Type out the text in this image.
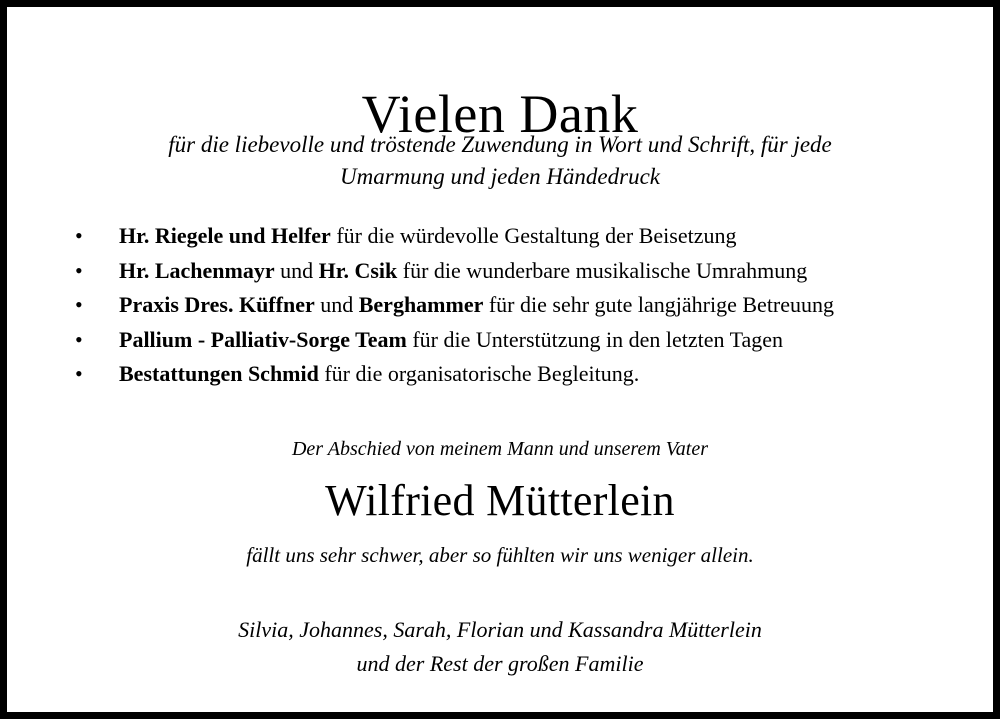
Vielen Dank
für die liebevolle und tröstende Zuwendung in Wort und Schrift, für jede
Umarmung und jeden Händedruck
• Hr. Riegele und Helfer für die würdevolle Gestaltung der Beisetzung
• Hr. Lachenmayr und Hr. Csik für die wunderbare musikalische Umrahmung
• Praxis Dres. Küffner und Berghammer für die sehr gute langjährige Betreuung
• Pallium - Palliativ-Sorge Team für die Unterstützung in den letzten Tagen
• Bestattungen Schmid für die organisatorische Begleitung.
Der Abschied von meinem Mann und unserem Vater
Wilfried Mütterlein
fällt uns sehr schwer, aber so fühlten wir uns weniger allein.
Silvia, Johannes, Sarah, Florian und Kassandra Mütterlein
und der Rest der großen Familie
